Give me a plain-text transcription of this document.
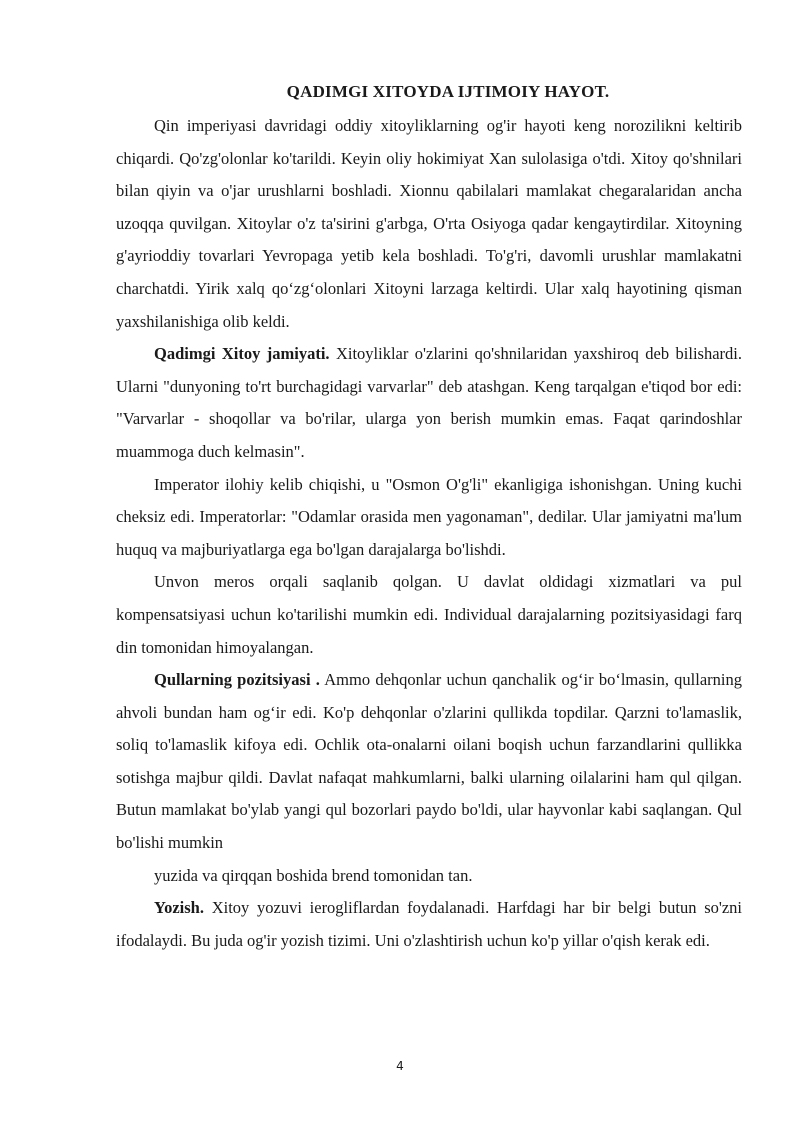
QADIMGI XITOYDA IJTIMOIY HAYOT.

Qin imperiyasi davridagi oddiy xitoyliklarning og'ir hayoti keng norozilikni keltirib chiqardi. Qo'zg'olonlar ko'tarildi. Keyin oliy hokimiyat Xan sulolasiga o'tdi. Xitoy qo'shnilari bilan qiyin va o'jar urushlarni boshladi. Xionnu qabilalari mamlakat chegaralaridan ancha uzoqqa quvilgan. Xitoylar o'z ta'sirini g'arbga, O'rta Osiyoga qadar kengaytirdilar. Xitoyning g'ayrioddiy tovarlari Yevropaga yetib kela boshladi. To'g'ri, davomli urushlar mamlakatni charchatdi. Yirik xalq qo‘zg‘olonlari Xitoyni larzaga keltirdi. Ular xalq hayotining qisman yaxshilanishiga olib keldi.

Qadimgi Xitoy jamiyati. Xitoyliklar o'zlarini qo'shnilaridan yaxshiroq deb bilishardi. Ularni "dunyoning to'rt burchagidagi varvarlar" deb atashgan. Keng tarqalgan e'tiqod bor edi: "Varvarlar - shoqollar va bo'rilar, ularga yon berish mumkin emas. Faqat qarindoshlar muammoga duch kelmasin".

Imperator ilohiy kelib chiqishi, u "Osmon O'g'li" ekanligiga ishonishgan. Uning kuchi cheksiz edi. Imperatorlar: "Odamlar orasida men yagonaman", dedilar. Ular jamiyatni ma'lum huquq va majburiyatlarga ega bo'lgan darajalarga bo'lishdi.

Unvon meros orqali saqlanib qolgan. U davlat oldidagi xizmatlari va pul kompensatsiyasi uchun ko'tarilishi mumkin edi. Individual darajalarning pozitsiyasidagi farq din tomonidan himoyalangan.

Qullarning pozitsiyasi . Ammo dehqonlar uchun qanchalik og‘ir bo‘lmasin, qullarning ahvoli bundan ham og‘ir edi. Ko'p dehqonlar o'zlarini qullikda topdilar. Qarzni to'lamaslik, soliq to'lamaslik kifoya edi. Ochlik ota-onalarni oilani boqish uchun farzandlarini qullikka sotishga majbur qildi. Davlat nafaqat mahkumlarni, balki ularning oilalarini ham qul qilgan. Butun mamlakat bo'ylab yangi qul bozorlari paydo bo'ldi, ular hayvonlar kabi saqlangan. Qul bo'lishi mumkin

yuzida va qirqqan boshida brend tomonidan tan.

Yozish. Xitoy yozuvi ierogliflardan foydalanadi. Harfdagi har bir belgi butun so'zni ifodalaydi. Bu juda og'ir yozish tizimi. Uni o'zlashtirish uchun ko'p yillar o'qish kerak edi.

4
